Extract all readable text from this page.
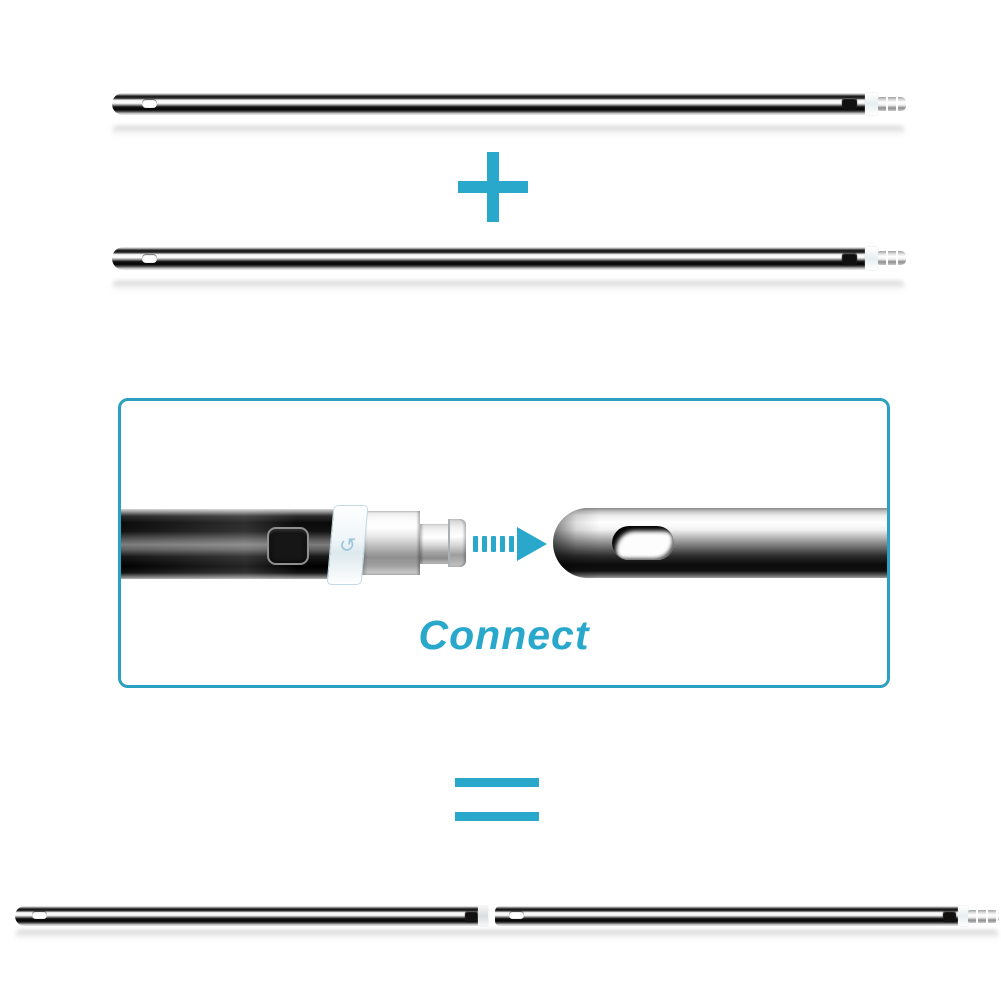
↺
Connect
